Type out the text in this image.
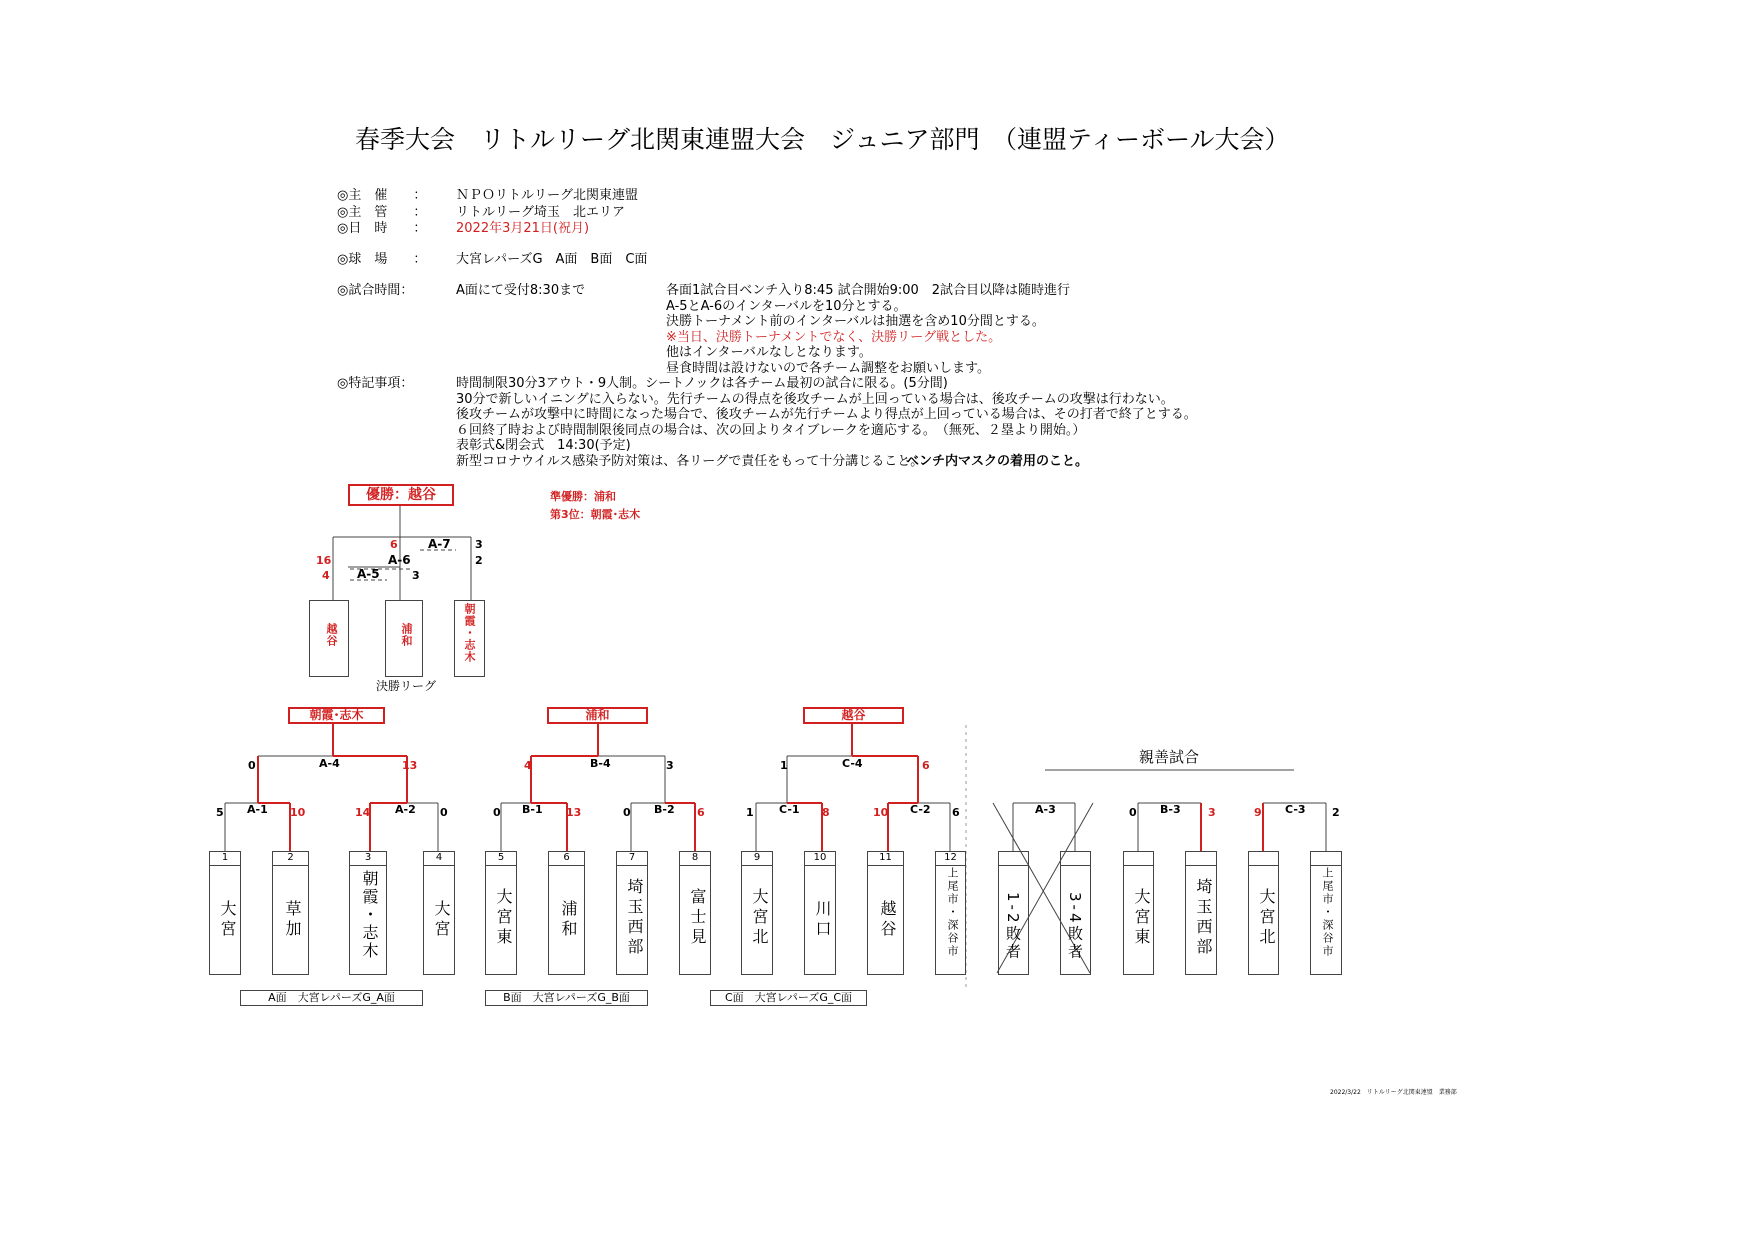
春季大会　リトルリーグ北関東連盟大会　ジュニア部門　（連盟ティーボール大会）
◎主　催　　： ＮＰＯリトルリーグ北関東連盟
◎主　管　　： リトルリーグ埼玉　北エリア
◎日　時　　： 2022年3月21日(祝月)
◎球　場　　： 大宮レパーズG　A面　B面　C面
◎試合時間：	A面にて受付8:30まで	各面1試合目ベンチ入り8:45 試合開始9:00　2試合目以降は随時進行
A-5とA-6のインターバルを10分とする。
決勝トーナメント前のインターバルは抽選を含め10分間とする。
※当日、決勝トーナメントでなく、決勝リーグ戦とした。
他はインターバルなしとなります。
昼食時間は設けないので各チーム調整をお願いします。
◎特記事項：	時間制限30分3アウト・9人制。シートノックは各チーム最初の試合に限る。(5分間)
30分で新しいイニングに入らない。先行チームの得点を後攻チームが上回っている場合は、後攻チームの攻撃は行わない。
後攻チームが攻撃中に時間になった場合で、後攻チームが先行チームより得点が上回っている場合は、その打者で終了とする。
６回終了時および時間制限後同点の場合は、次の回よりタイブレークを適応する。　（無死、２塁より開始。）
表彰式&閉会式　14:30(予定)
新型コロナウイルス感染予防対策は、各リーグで責任をもって十分講じること。
ベンチ内マスクの着用のこと。
優勝：越谷	準優勝：浦和
第3位：朝霞･志木
A-7
A-6
A-5
16
4
6
3
3
2
越谷	浦和	朝霞・志木
決勝リーグ
朝霞･志木	浦和	越谷
A-4
0	13
A-1	A-2
5	10	14	0
B-4
4	3
B-1	B-2
0	13	0	6
C-4
1	6
C-1	C-2
1	8	10	6
1
大宮
2
草加
3
朝霞・志木
4
大宮
5
大宮東
6
浦和
7
埼玉西部
8
富士見
9
大宮北
10
川口
11
越谷
12
上尾市・深谷市
A面　大宮レパーズG_A面	B面　大宮レパーズG_B面	C面　大宮レパーズG_C面
親善試合
A-3	B-3	C-3
0	3	9	2
1-2敗者	3-4敗者	大宮東	埼玉西部	大宮北	上尾市・深谷市
2022/3/22　リトルリーグ北関東連盟　業務部
